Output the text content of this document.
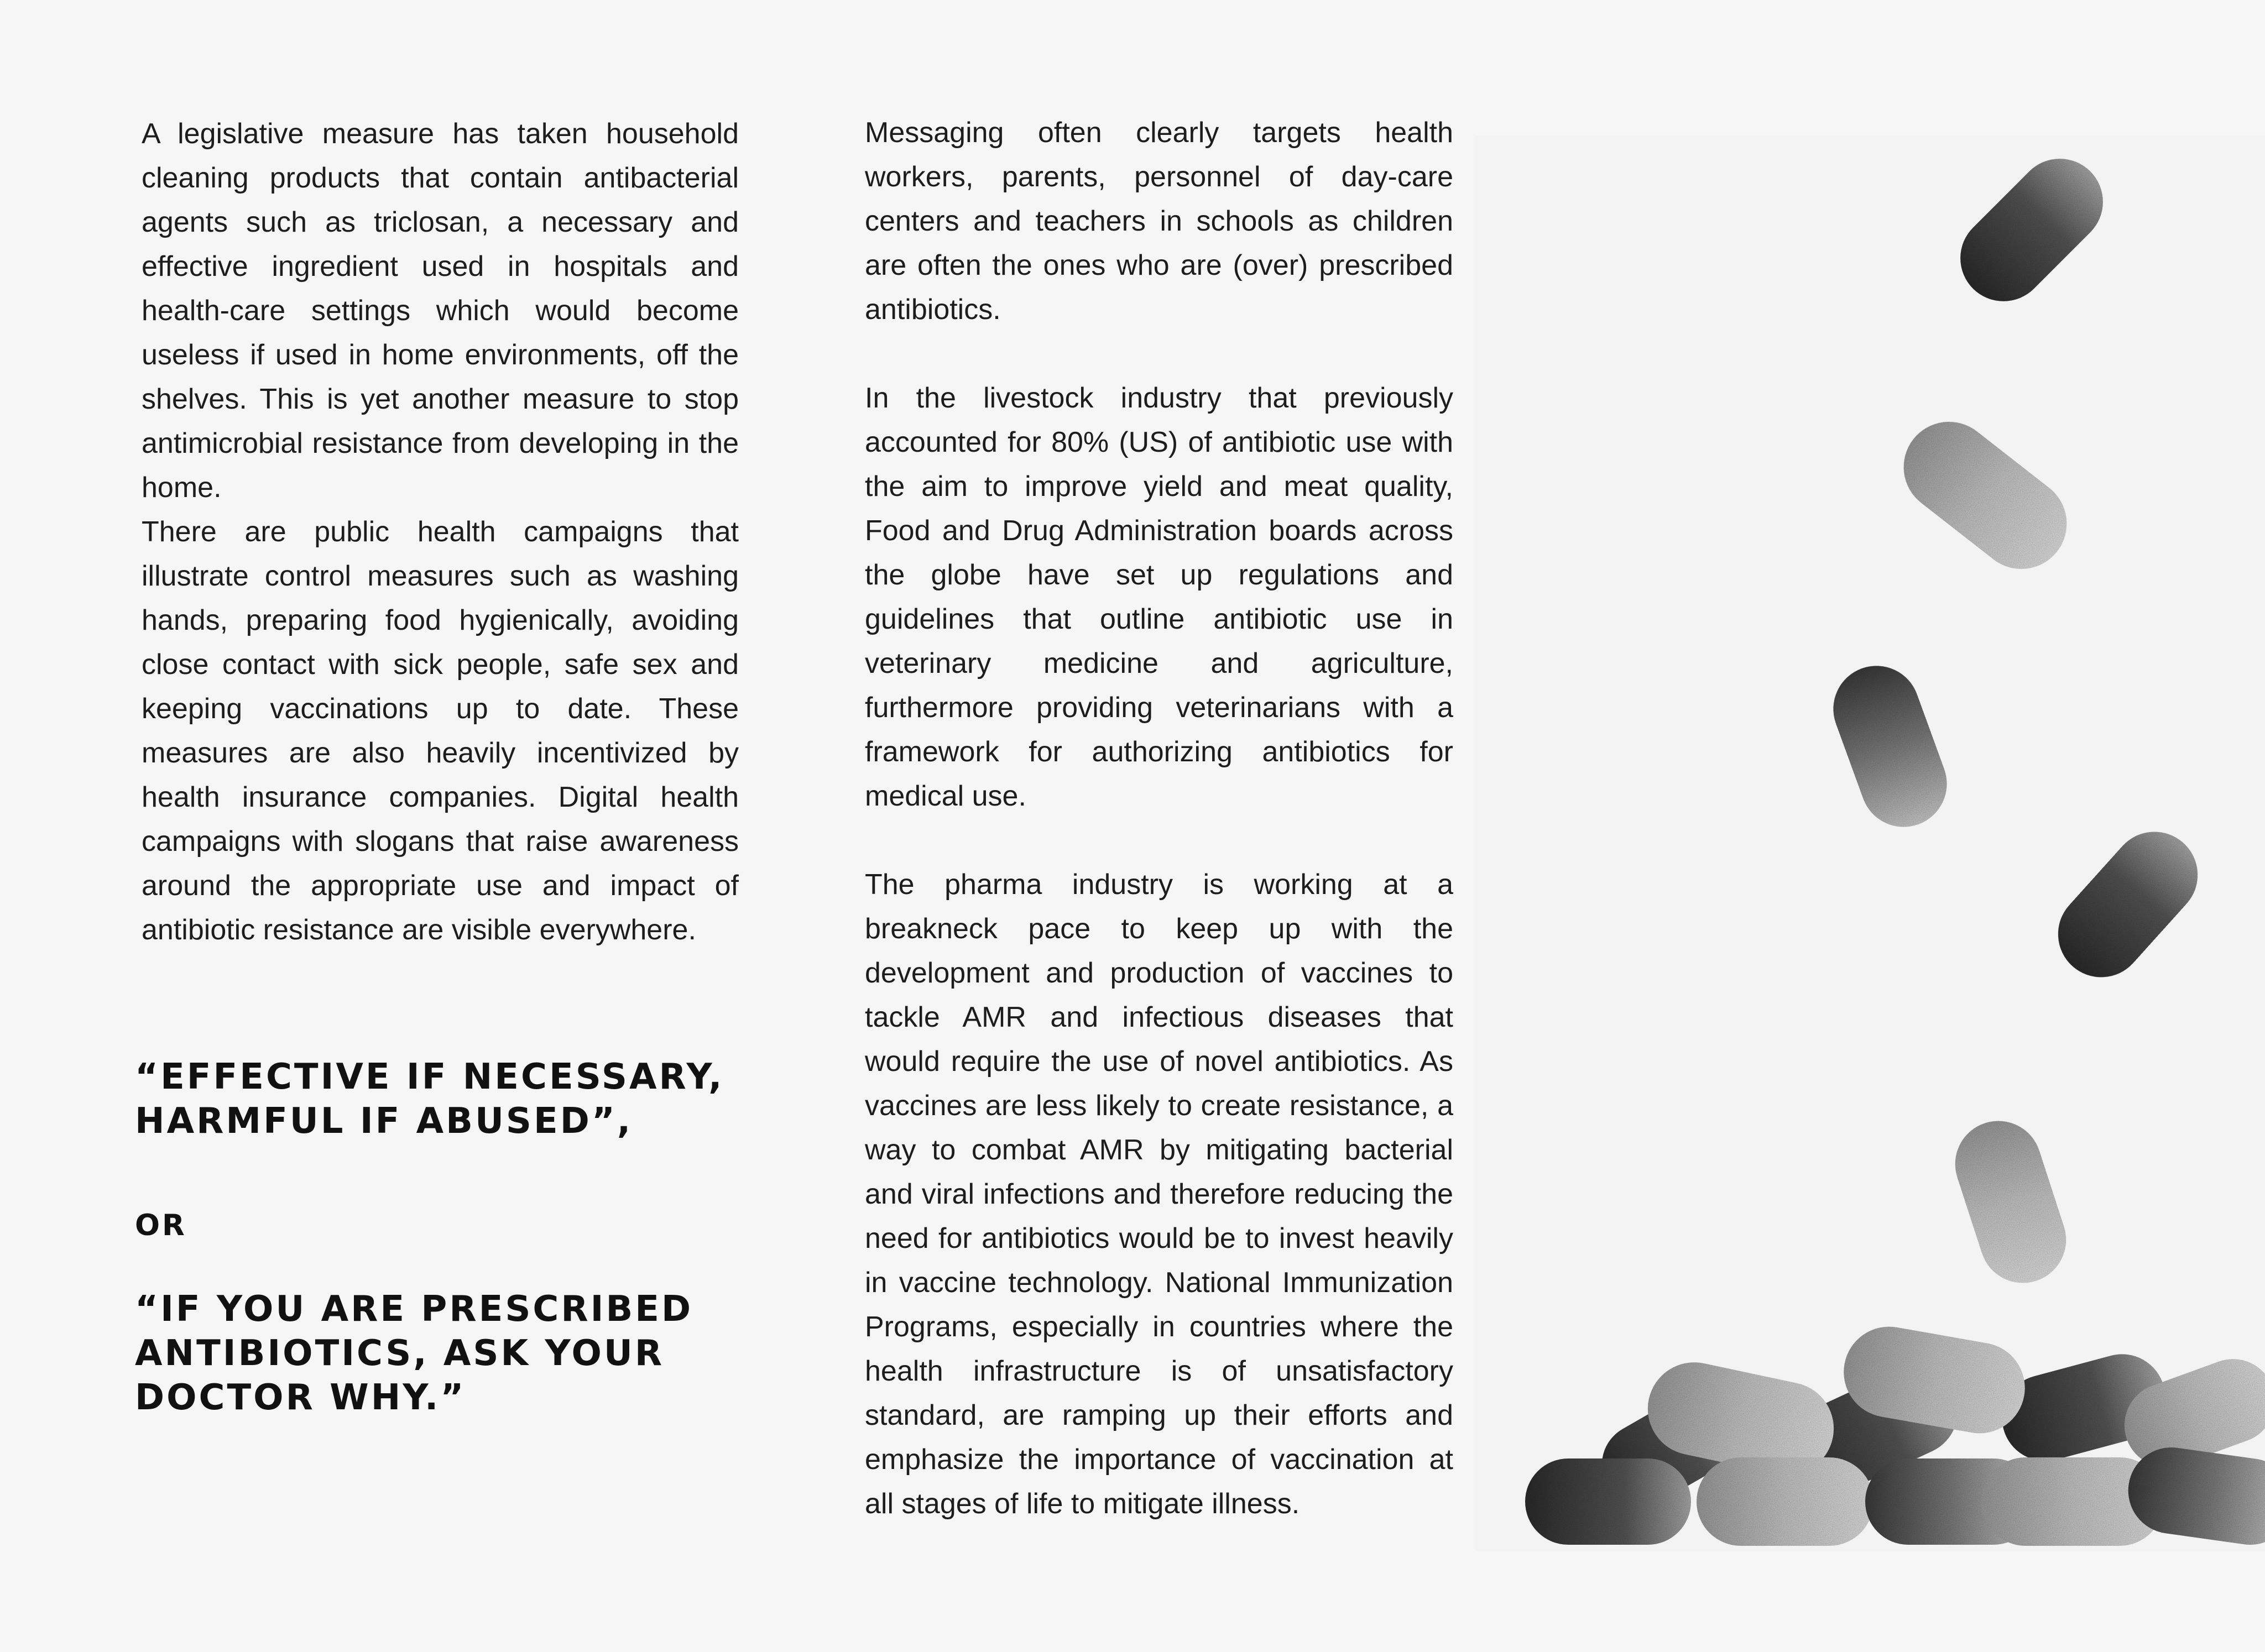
A legislative measure has taken household cleaning products that contain antibacterial agents such as triclosan, a necessary and effective ingredient used in hospitals and health-care settings which would become useless if used in home environments, off the shelves. This is yet another measure to stop antimicrobial resistance from developing in the home.

There are public health campaigns that illustrate control measures such as washing hands, preparing food hygienically, avoiding close contact with sick people, safe sex and keeping vaccinations up to date. These measures are also heavily incentivized by health insurance companies. Digital health campaigns with slogans that raise awareness around the appropriate use and impact of antibiotic resistance are visible everywhere.

“EFFECTIVE IF NECESSARY, HARMFUL IF ABUSED”,

or

“IF YOU ARE PRESCRIBED ANTIBIOTICS, ASK YOUR DOCTOR WHY.”

Messaging often clearly targets health workers, parents, personnel of day-care centers and teachers in schools as children are often the ones who are (over) prescribed antibiotics.

In the livestock industry that previously accounted for 80% (US) of antibiotic use with the aim to improve yield and meat quality, Food and Drug Administration boards across the globe have set up regulations and guidelines that outline antibiotic use in veterinary medicine and agriculture, furthermore providing veterinarians with a framework for authorizing antibiotics for medical use.

The pharma industry is working at a breakneck pace to keep up with the development and production of vaccines to tackle AMR and infectious diseases that would require the use of novel antibiotics. As vaccines are less likely to create resistance, a way to combat AMR by mitigating bacterial and viral infections and therefore reducing the need for antibiotics would be to invest heavily in vaccine technology. National Immunization Programs, especially in countries where the health infrastructure is of unsatisfactory standard, are ramping up their efforts and emphasize the importance of vaccination at all stages of life to mitigate illness.
